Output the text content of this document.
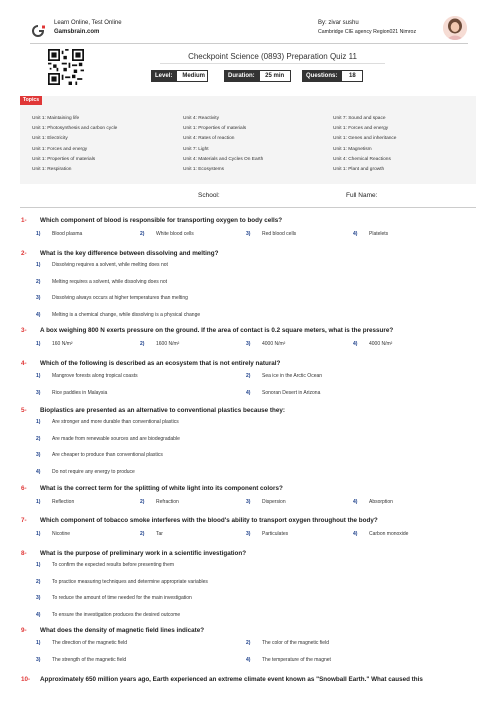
Learn Online, Test Online
Gamsbrain.com
By: zivar sushu
Cambridge CIE agency Region021 Nimroz
Checkpoint Science (0893) Preparation Quiz 11
Level:	Medium	Duration:	25 min	Questions:	18
Topics
Unit 1: Maintaining life	Unit 4: Reactivity	Unit 7: Sound and space
Unit 1: Photosynthesis and carbon cycle	Unit 1: Properties of materials	Unit 1: Forces and energy
Unit 1: Electricity	Unit 4: Rates of reaction	Unit 1: Genes and inheritance
Unit 1: Forces and energy	Unit 7: Light	Unit 1: Magnetism
Unit 1: Properties of materials	Unit 4: Materials and Cycles On Earth	Unit 4: Chemical Reactions
Unit 1: Respiration	Unit 1: Ecosystems	Unit 1: Plant and growth
School:	Full Name:
1- Which component of blood is responsible for transporting oxygen to body cells?
1) Blood plasma	2) White blood cells	3) Red blood cells	4) Platelets
2- What is the key difference between dissolving and melting?
1) Dissolving requires a solvent, while melting does not
2) Melting requires a solvent, while dissolving does not
3) Dissolving always occurs at higher temperatures than melting
4) Melting is a chemical change, while dissolving is a physical change
3- A box weighing 800 N exerts pressure on the ground. If the area of contact is 0.2 square meters, what is the pressure?
1) 160 N/m²	2) 1600 N/m²	3) 4000 N/m²	4) 4000 N/m²
4- Which of the following is described as an ecosystem that is not entirely natural?
1) Mangrove forests along tropical coasts	2) Sea ice in the Arctic Ocean
3) Rice paddies in Malaysia	4) Sonoran Desert in Arizona
5- Bioplastics are presented as an alternative to conventional plastics because they:
1) Are stronger and more durable than conventional plastics
2) Are made from renewable sources and are biodegradable
3) Are cheaper to produce than conventional plastics
4) Do not require any energy to produce
6- What is the correct term for the splitting of white light into its component colors?
1) Reflection	2) Refraction	3) Dispersion	4) Absorption
7- Which component of tobacco smoke interferes with the blood's ability to transport oxygen throughout the body?
1) Nicotine	2) Tar	3) Particulates	4) Carbon monoxide
8- What is the purpose of preliminary work in a scientific investigation?
1) To confirm the expected results before presenting them
2) To practice measuring techniques and determine appropriate variables
3) To reduce the amount of time needed for the main investigation
4) To ensure the investigation produces the desired outcome
9- What does the density of magnetic field lines indicate?
1) The direction of the magnetic field	2) The color of the magnetic field
3) The strength of the magnetic field	4) The temperature of the magnet
10- Approximately 650 million years ago, Earth experienced an extreme climate event known as "Snowball Earth." What caused this
